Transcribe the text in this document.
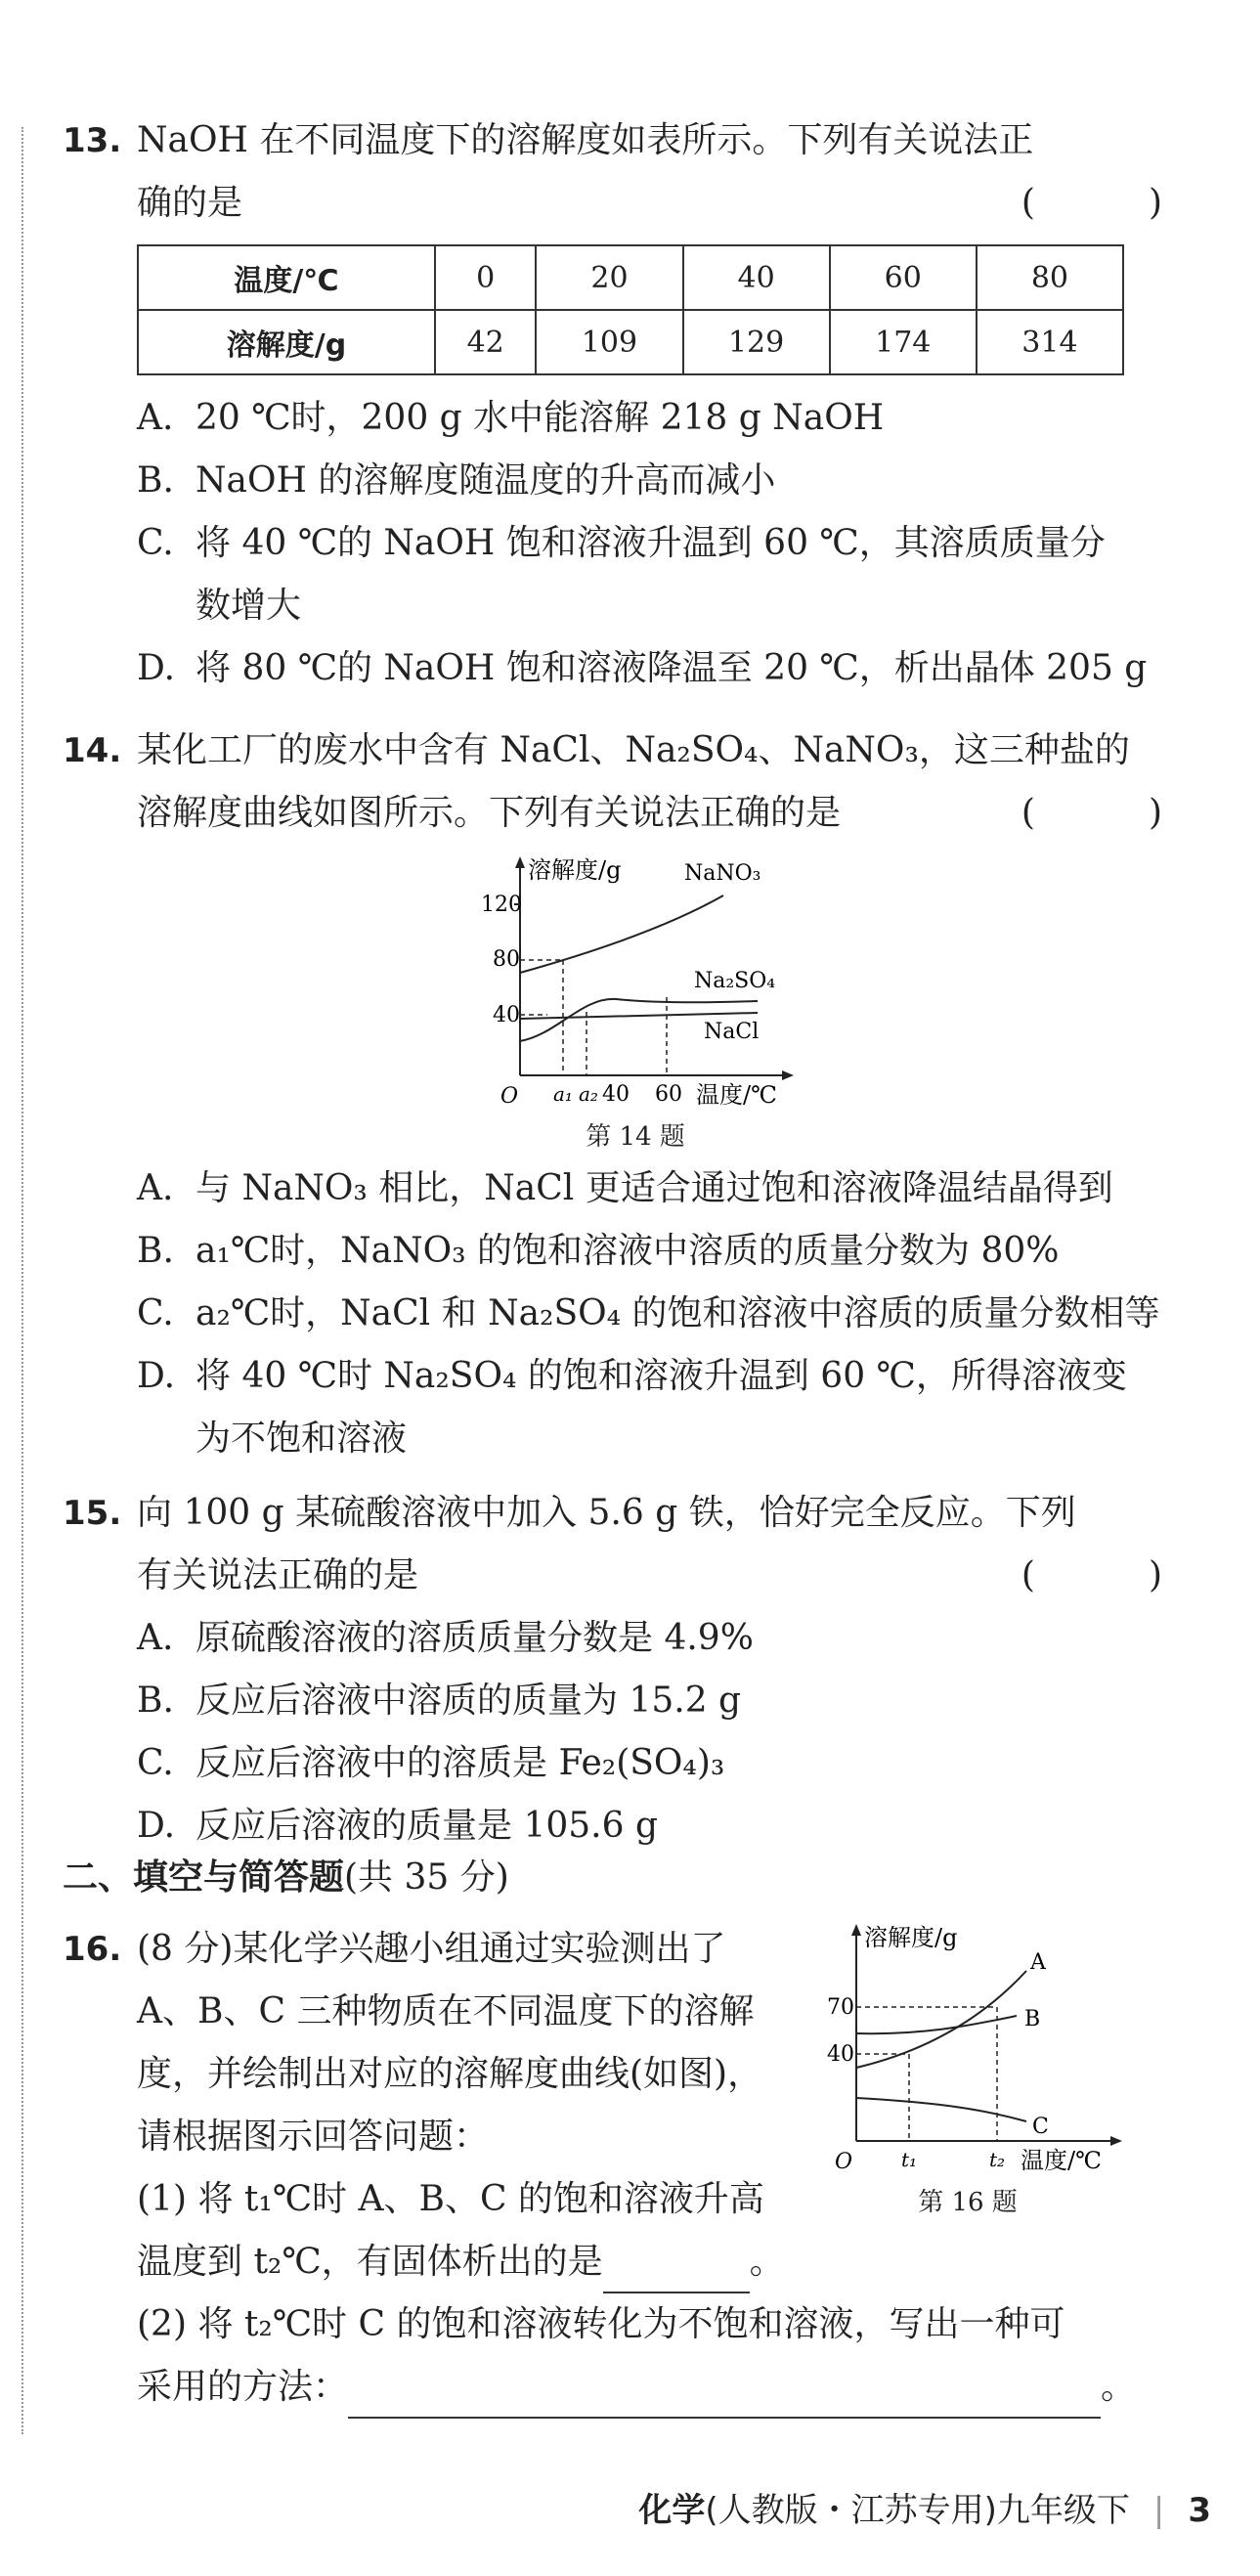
13. NaOH 在不同温度下的溶解度如表所示。下列有关说法正
确的是	(　)
温度/℃	0	20	40	60	80
溶解度/g	42	109	129	174	314
A. 20 ℃时，200 g 水中能溶解 218 g NaOH
B. NaOH 的溶解度随温度的升高而减小
C. 将 40 ℃的 NaOH 饱和溶液升温到 60 ℃，其溶质质量分
数增大
D. 将 80 ℃的 NaOH 饱和溶液降温至 20 ℃，析出晶体 205 g
14. 某化工厂的废水中含有 NaCl、Na₂SO₄、NaNO₃，这三种盐的
溶解度曲线如图所示。下列有关说法正确的是	(　)
溶解度/g
O
120
80
40
NaNO₃
Na₂SO₄
NaCl
a₁ a₂ 40 60 温度/℃
第 14 题
A. 与 NaNO₃ 相比，NaCl 更适合通过饱和溶液降温结晶得到
B. a₁℃时，NaNO₃ 的饱和溶液中溶质的质量分数为 80%
C. a₂℃时，NaCl 和 Na₂SO₄ 的饱和溶液中溶质的质量分数相等
D. 将 40 ℃时 Na₂SO₄ 的饱和溶液升温到 60 ℃，所得溶液变
为不饱和溶液
15. 向 100 g 某硫酸溶液中加入 5.6 g 铁，恰好完全反应。下列
有关说法正确的是	(　)
A. 原硫酸溶液的溶质质量分数是 4.9%
B. 反应后溶液中溶质的质量为 15.2 g
C. 反应后溶液中的溶质是 Fe₂(SO₄)₃
D. 反应后溶液的质量是 105.6 g
二、填空与简答题(共 35 分)
16. (8 分)某化学兴趣小组通过实验测出了
A、B、C 三种物质在不同温度下的溶解
度，并绘制出对应的溶解度曲线(如图)，
请根据图示回答问题：
(1) 将 t₁℃时 A、B、C 的饱和溶液升高
温度到 t₂℃，有固体析出的是	。
(2) 将 t₂℃时 C 的饱和溶液转化为不饱和溶液，写出一种可
采用的方法：	。
溶解度/g
O
70
40
A
B
C
t₁	t₂ 温度/℃
第 16 题
化学(人教版・江苏专用)九年级下 | 3
